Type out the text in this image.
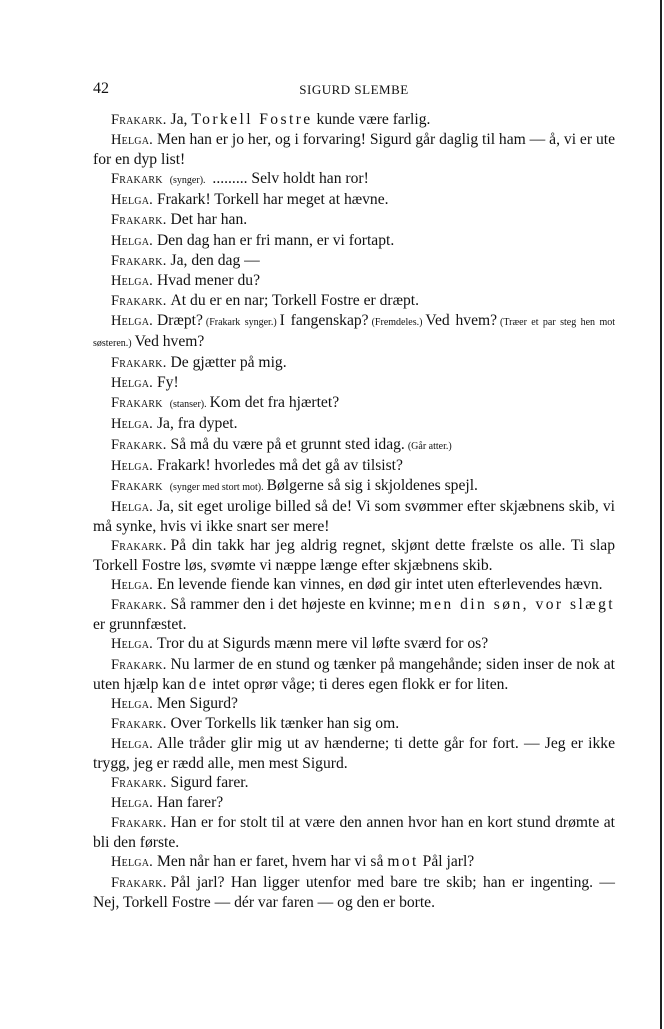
42	SIGURD SLEMBE

Frakark. Ja, Torkell Fostre kunde være farlig.

Helga. Men han er jo her, og i forvaring! Sigurd går daglig til ham — å, vi er ute for en dyp list!

Frakark (synger). ......... Selv holdt han ror!

Helga. Frakark! Torkell har meget at hævne.

Frakark. Det har han.

Helga. Den dag han er fri mann, er vi fortapt.

Frakark. Ja, den dag —

Helga. Hvad mener du?

Frakark. At du er en nar; Torkell Fostre er dræpt.

Helga. Dræpt? (Frakark synger.) I fangenskap? (Fremdeles.) Ved hvem? (Træer et par steg hen mot søsteren.) Ved hvem?

Frakark. De gjætter på mig.

Helga. Fy!

Frakark (stanser). Kom det fra hjærtet?

Helga. Ja, fra dypet.

Frakark. Så må du være på et grunnt sted idag. (Går atter.)

Helga. Frakark! hvorledes må det gå av tilsist?

Frakark (synger med stort mot). Bølgerne så sig i skjoldenes spejl.

Helga. Ja, sit eget urolige billed så de! Vi som svømmer efter skjæbnens skib, vi må synke, hvis vi ikke snart ser mere!

Frakark. På din takk har jeg aldrig regnet, skjønt dette frælste os alle. Ti slap Torkell Fostre løs, svømte vi næppe længe efter skjæbnens skib.

Helga. En levende fiende kan vinnes, en død gir intet uten efterlevendes hævn.

Frakark. Så rammer den i det højeste en kvinne; men din søn, vor slægt er grunnfæstet.

Helga. Tror du at Sigurds mænn mere vil løfte sværd for os?

Frakark. Nu larmer de en stund og tænker på mangehånde; siden inser de nok at uten hjælp kan de intet oprør våge; ti deres egen flokk er for liten.

Helga. Men Sigurd?

Frakark. Over Torkells lik tænker han sig om.

Helga. Alle tråder glir mig ut av hænderne; ti dette går for fort. — Jeg er ikke trygg, jeg er rædd alle, men mest Sigurd.

Frakark. Sigurd farer.

Helga. Han farer?

Frakark. Han er for stolt til at være den annen hvor han en kort stund drømte at bli den første.

Helga. Men når han er faret, hvem har vi så mot Pål jarl?

Frakark. Pål jarl? Han ligger utenfor med bare tre skib; han er ingenting. — Nej, Torkell Fostre — dér var faren — og den er borte.
